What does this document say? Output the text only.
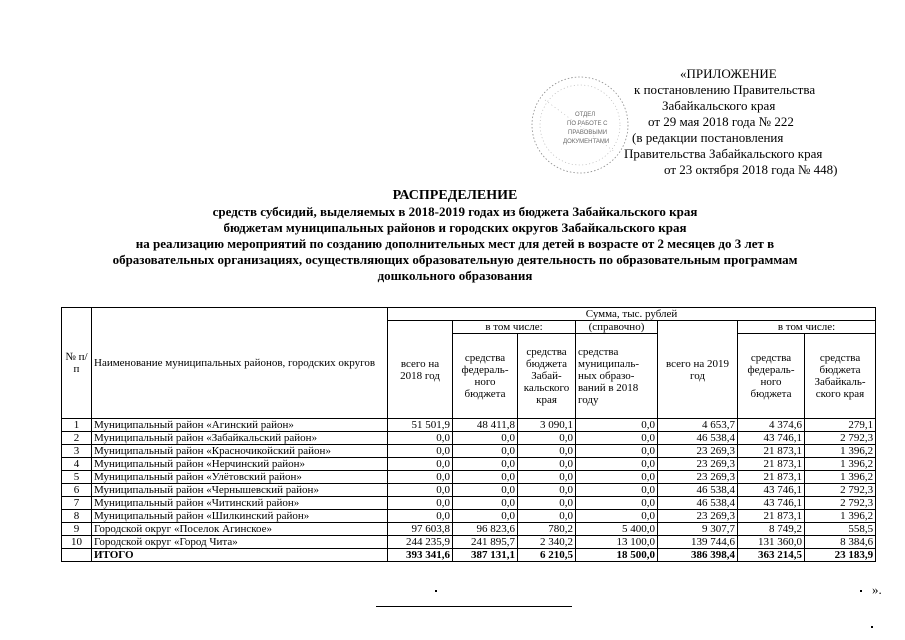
«ПРИЛОЖЕНИЕ
к постановлению Правительства
Забайкальского края
от 29 мая 2018 года № 222
(в редакции постановления
Правительства Забайкальского края
от 23 октября 2018 года № 448)
ОТДЕЛ
ПО РАБОТЕ С
ПРАВОВЫМИ
ДОКУМЕНТАМИ
РАСПРЕДЕЛЕНИЕ
средств субсидий, выделяемых в 2018-2019 годах из бюджета Забайкальского края
бюджетам муниципальных районов и городских округов Забайкальского края
на реализацию мероприятий по созданию дополнительных мест для детей в возрасте от 2 месяцев до 3 лет в
образовательных организациях, осуществляющих образовательную деятельность по образовательным программам
дошкольного образования
№ п/п	Наименование муниципальных районов, городских округов	Сумма, тыс. рублей						
		всего на 2018 год	в том числе:		(справочно)	всего на 2019 год	в том числе:	
			средства федераль-ного бюджета	средства бюджета Забай-кальского края	средства муниципаль-ных образо-ваний в 2018 году		средства федераль-ного бюджета	средства бюджета Забайкаль-ского края
1	Муниципальный район «Агинский район»	51 501,9	48 411,8	3 090,1	0,0	4 653,7	4 374,6	279,1
2	Муниципальный район «Забайкальский район»	0,0	0,0	0,0	0,0	46 538,4	43 746,1	2 792,3
3	Муниципальный район «Красночикойский район»	0,0	0,0	0,0	0,0	23 269,3	21 873,1	1 396,2
4	Муниципальный район «Нерчинский район»	0,0	0,0	0,0	0,0	23 269,3	21 873,1	1 396,2
5	Муниципальный район «Улётовский район»	0,0	0,0	0,0	0,0	23 269,3	21 873,1	1 396,2
6	Муниципальный район «Чернышевский район»	0,0	0,0	0,0	0,0	46 538,4	43 746,1	2 792,3
7	Муниципальный район «Читинский район»	0,0	0,0	0,0	0,0	46 538,4	43 746,1	2 792,3
8	Муниципальный район «Шилкинский район»	0,0	0,0	0,0	0,0	23 269,3	21 873,1	1 396,2
9	Городской округ «Поселок Агинское»	97 603,8	96 823,6	780,2	5 400,0	9 307,7	8 749,2	558,5
10	Городской округ «Город Чита»	244 235,9	241 895,7	2 340,2	13 100,0	139 744,6	131 360,0	8 384,6
	ИТОГО	393 341,6	387 131,1	6 210,5	18 500,0	386 398,4	363 214,5	23 183,9
».
